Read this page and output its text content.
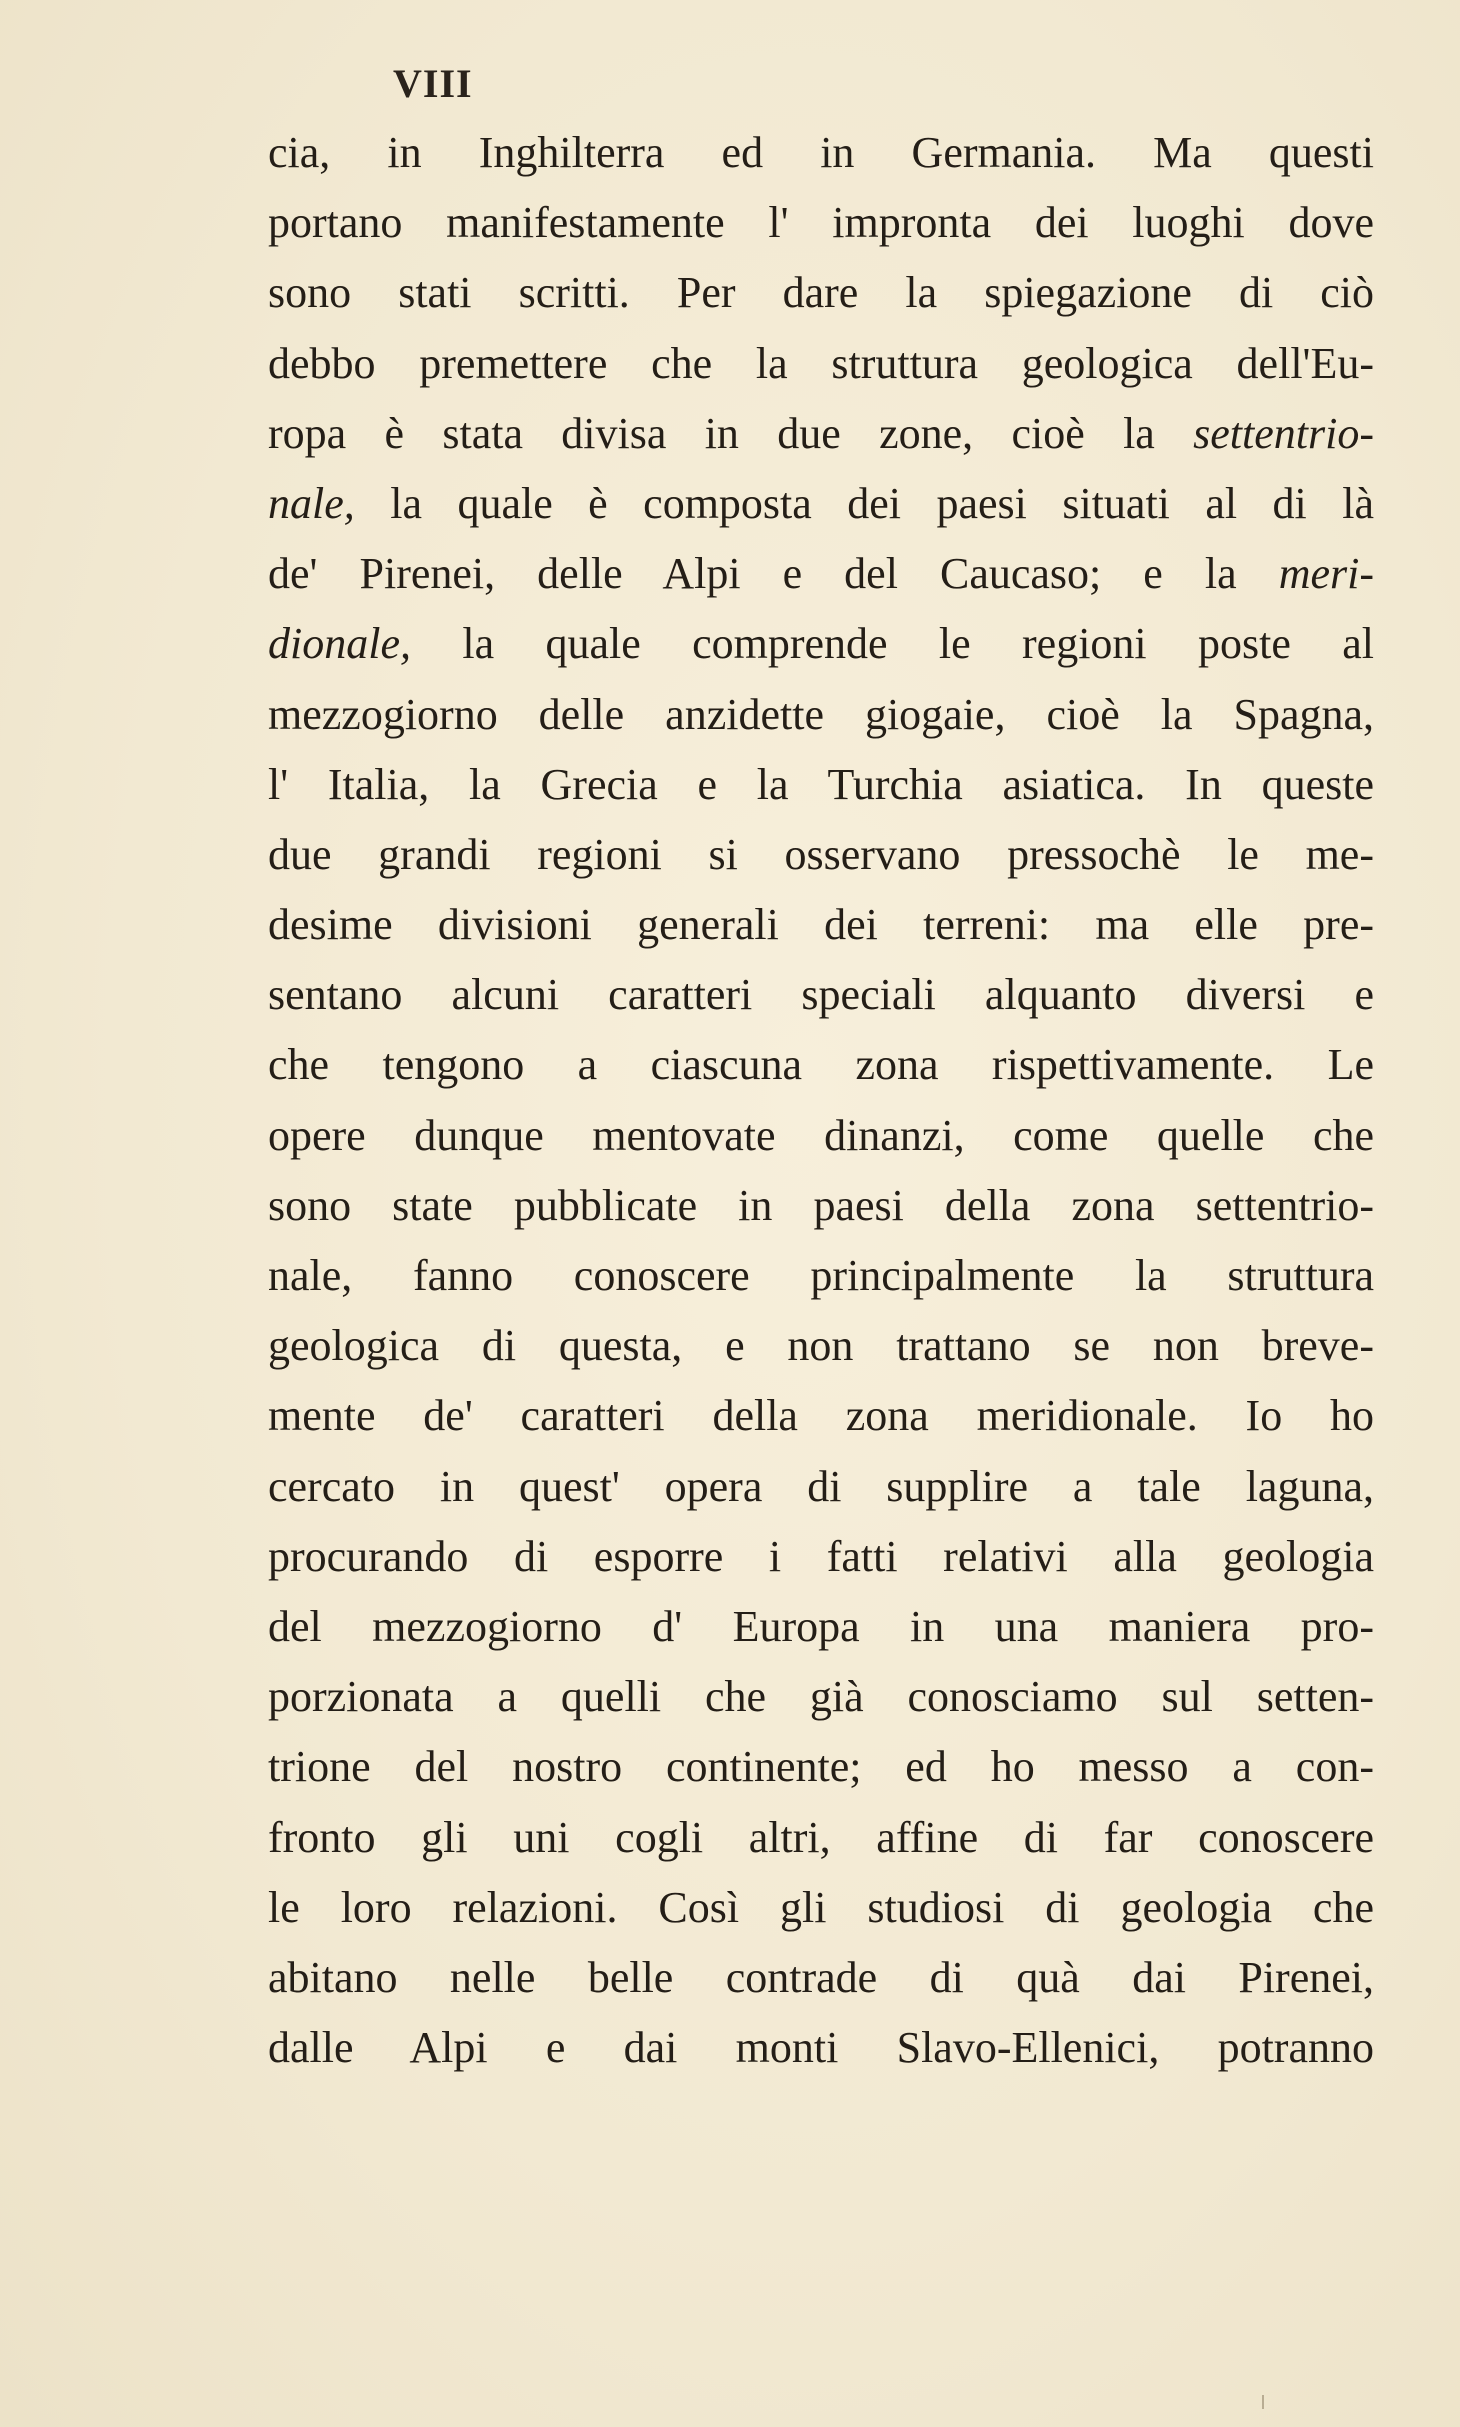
VIII
cia, in Inghilterra ed in Germania. Ma questi
portano manifestamente l' impronta dei luoghi dove
sono stati scritti. Per dare la spiegazione di ciò
debbo premettere che la struttura geologica dell'Eu-
ropa è stata divisa in due zone, cioè la settentrio-
nale, la quale è composta dei paesi situati al di là
de' Pirenei, delle Alpi e del Caucaso; e la meri-
dionale, la quale comprende le regioni poste al
mezzogiorno delle anzidette giogaie, cioè la Spagna,
l' Italia, la Grecia e la Turchia asiatica. In queste
due grandi regioni si osservano pressochè le me-
desime divisioni generali dei terreni: ma elle pre-
sentano alcuni caratteri speciali alquanto diversi e
che tengono a ciascuna zona rispettivamente. Le
opere dunque mentovate dinanzi, come quelle che
sono state pubblicate in paesi della zona settentrio-
nale, fanno conoscere principalmente la struttura
geologica di questa, e non trattano se non breve-
mente de' caratteri della zona meridionale. Io ho
cercato in quest' opera di supplire a tale laguna,
procurando di esporre i fatti relativi alla geologia
del mezzogiorno d' Europa in una maniera pro-
porzionata a quelli che già conosciamo sul setten-
trione del nostro continente; ed ho messo a con-
fronto gli uni cogli altri, affine di far conoscere
le loro relazioni. Così gli studiosi di geologia che
abitano nelle belle contrade di quà dai Pirenei,
dalle Alpi e dai monti Slavo-Ellenici, potranno
